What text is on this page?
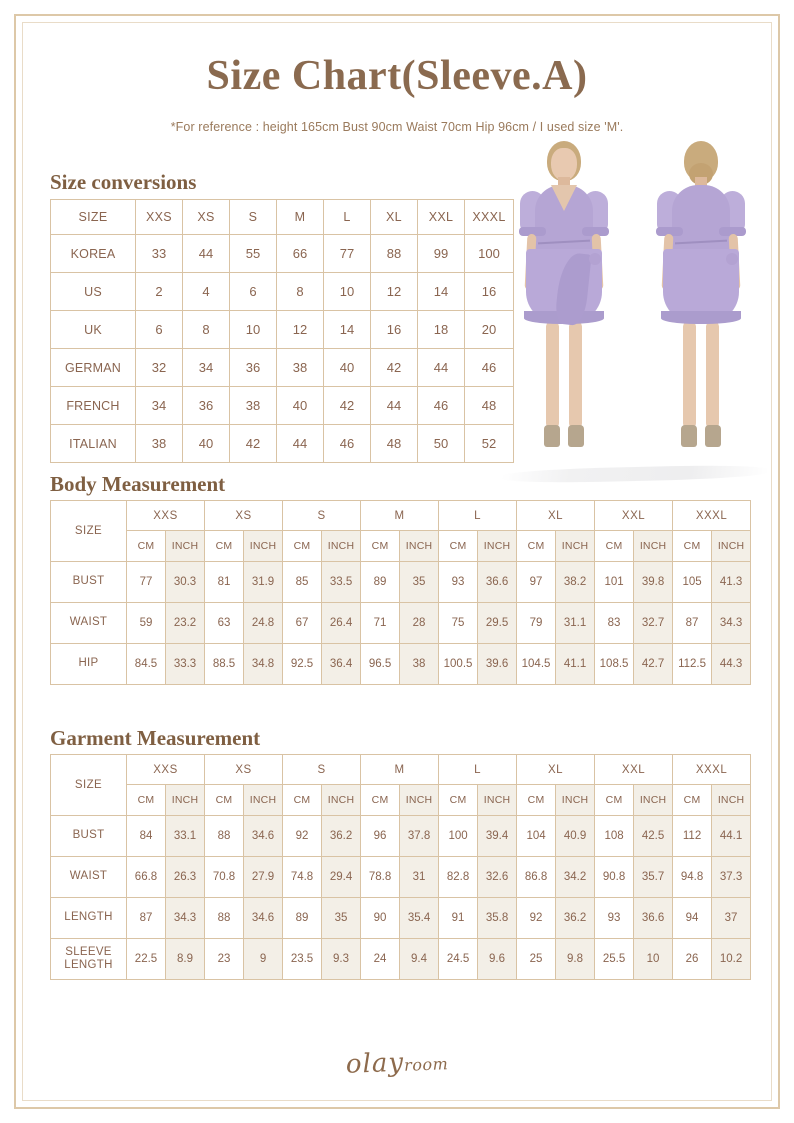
Size Chart(Sleeve.A)
*For reference : height 165cm Bust 90cm Waist 70cm Hip 96cm / I used size 'M'.
Size conversions
SIZE	XXS	XS	S	M	L	XL	XXL	XXXL
KOREA	33	44	55	66	77	88	99	100
US	2	4	6	8	10	12	14	16
UK	6	8	10	12	14	16	18	20
GERMAN	32	34	36	38	40	42	44	46
FRENCH	34	36	38	40	42	44	46	48
ITALIAN	38	40	42	44	46	48	50	52
Body Measurement
SIZE	XXS		XS		S		M		L		XL		XXL		XXXL	
	CM	INCH	CM	INCH	CM	INCH	CM	INCH	CM	INCH	CM	INCH	CM	INCH	CM	INCH
BUST	77	30.3	81	31.9	85	33.5	89	35	93	36.6	97	38.2	101	39.8	105	41.3
WAIST	59	23.2	63	24.8	67	26.4	71	28	75	29.5	79	31.1	83	32.7	87	34.3
HIP	84.5	33.3	88.5	34.8	92.5	36.4	96.5	38	100.5	39.6	104.5	41.1	108.5	42.7	112.5	44.3
Garment Measurement
SIZE	XXS		XS		S		M		L		XL		XXL		XXXL	
	CM	INCH	CM	INCH	CM	INCH	CM	INCH	CM	INCH	CM	INCH	CM	INCH	CM	INCH
BUST	84	33.1	88	34.6	92	36.2	96	37.8	100	39.4	104	40.9	108	42.5	112	44.1
WAIST	66.8	26.3	70.8	27.9	74.8	29.4	78.8	31	82.8	32.6	86.8	34.2	90.8	35.7	94.8	37.3
LENGTH	87	34.3	88	34.6	89	35	90	35.4	91	35.8	92	36.2	93	36.6	94	37
SLEEVE LENGTH	22.5	8.9	23	9	23.5	9.3	24	9.4	24.5	9.6	25	9.8	25.5	10	26	10.2
olayroom
